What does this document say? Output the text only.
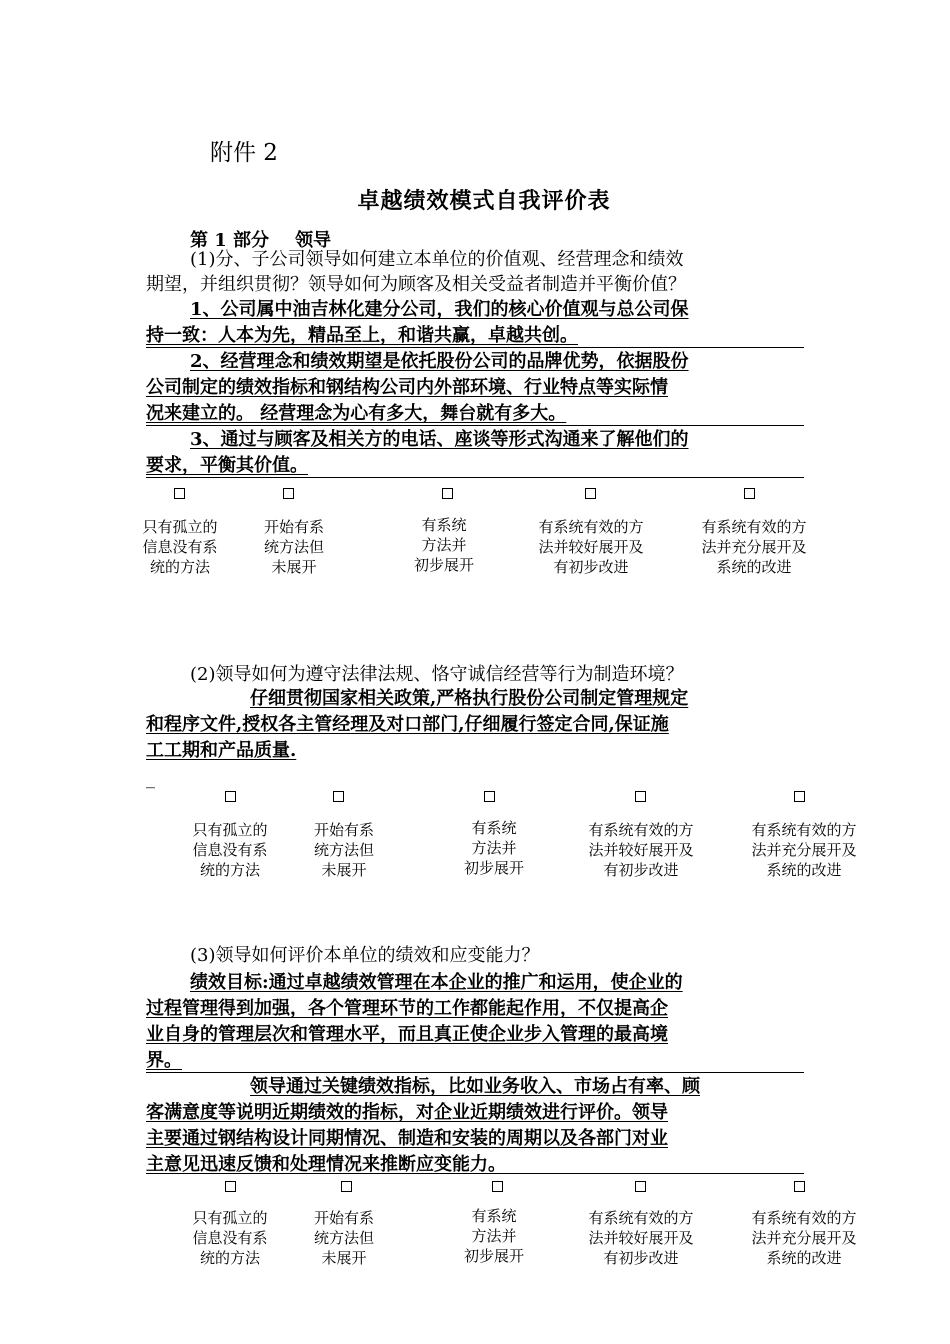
附件 2
卓越绩效模式自我评价表
第 1 部分 领导
(1)分、子公司领导如何建立本单位的价值观、经营理念和绩效
期望，并组织贯彻？领导如何为顾客及相关受益者制造并平衡价值？

1、公司属中油吉林化建分公司，我们的核心价值观与总公司保

持一致：人本为先，精品至上，和谐共赢，卓越共创。

2、经营理念和绩效期望是依托股份公司的品牌优势，依据股份

公司制定的绩效指标和钢结构公司内外部环境、行业特点等实际情
况来建立的。 经营理念为心有多大，舞台就有多大。

3、通过与顾客及相关方的电话、座谈等形式沟通来了解他们的

要求，平衡其价值。

只有孤立的
信息没有系
统的方法
开始有系
统方法但
未展开
有系统
方法并
初步展开
有系统有效的方
法并较好展开及
有初步改进
有系统有效的方
法并充分展开及
系统的改进
(2)领导如何为遵守法律法规、恪守诚信经营等行为制造环境？

仔细贯彻国家相关政策,严格执行股份公司制定管理规定

和程序文件,授权各主管经理及对口部门,仔细履行签定合同,保证施
工工期和产品质量.

_
只有孤立的
信息没有系
统的方法
开始有系
统方法但
未展开
有系统
方法并
初步展开
有系统有效的方
法并较好展开及
有初步改进
有系统有效的方
法并充分展开及
系统的改进
(3)领导如何评价本单位的绩效和应变能力？

绩效目标:通过卓越绩效管理在本企业的推广和运用，使企业的

过程管理得到加强，各个管理环节的工作都能起作用，不仅提高企
业自身的管理层次和管理水平，而且真正使企业步入管理的最高境
界。

领导通过关键绩效指标，比如业务收入、市场占有率、顾

客满意度等说明近期绩效的指标，对企业近期绩效进行评价。领导
主要通过钢结构设计同期情况、制造和安装的周期以及各部门对业
主意见迅速反馈和处理情况来推断应变能力。

只有孤立的
信息没有系
统的方法
开始有系
统方法但
未展开
有系统
方法并
初步展开
有系统有效的方
法并较好展开及
有初步改进
有系统有效的方
法并充分展开及
系统的改进
